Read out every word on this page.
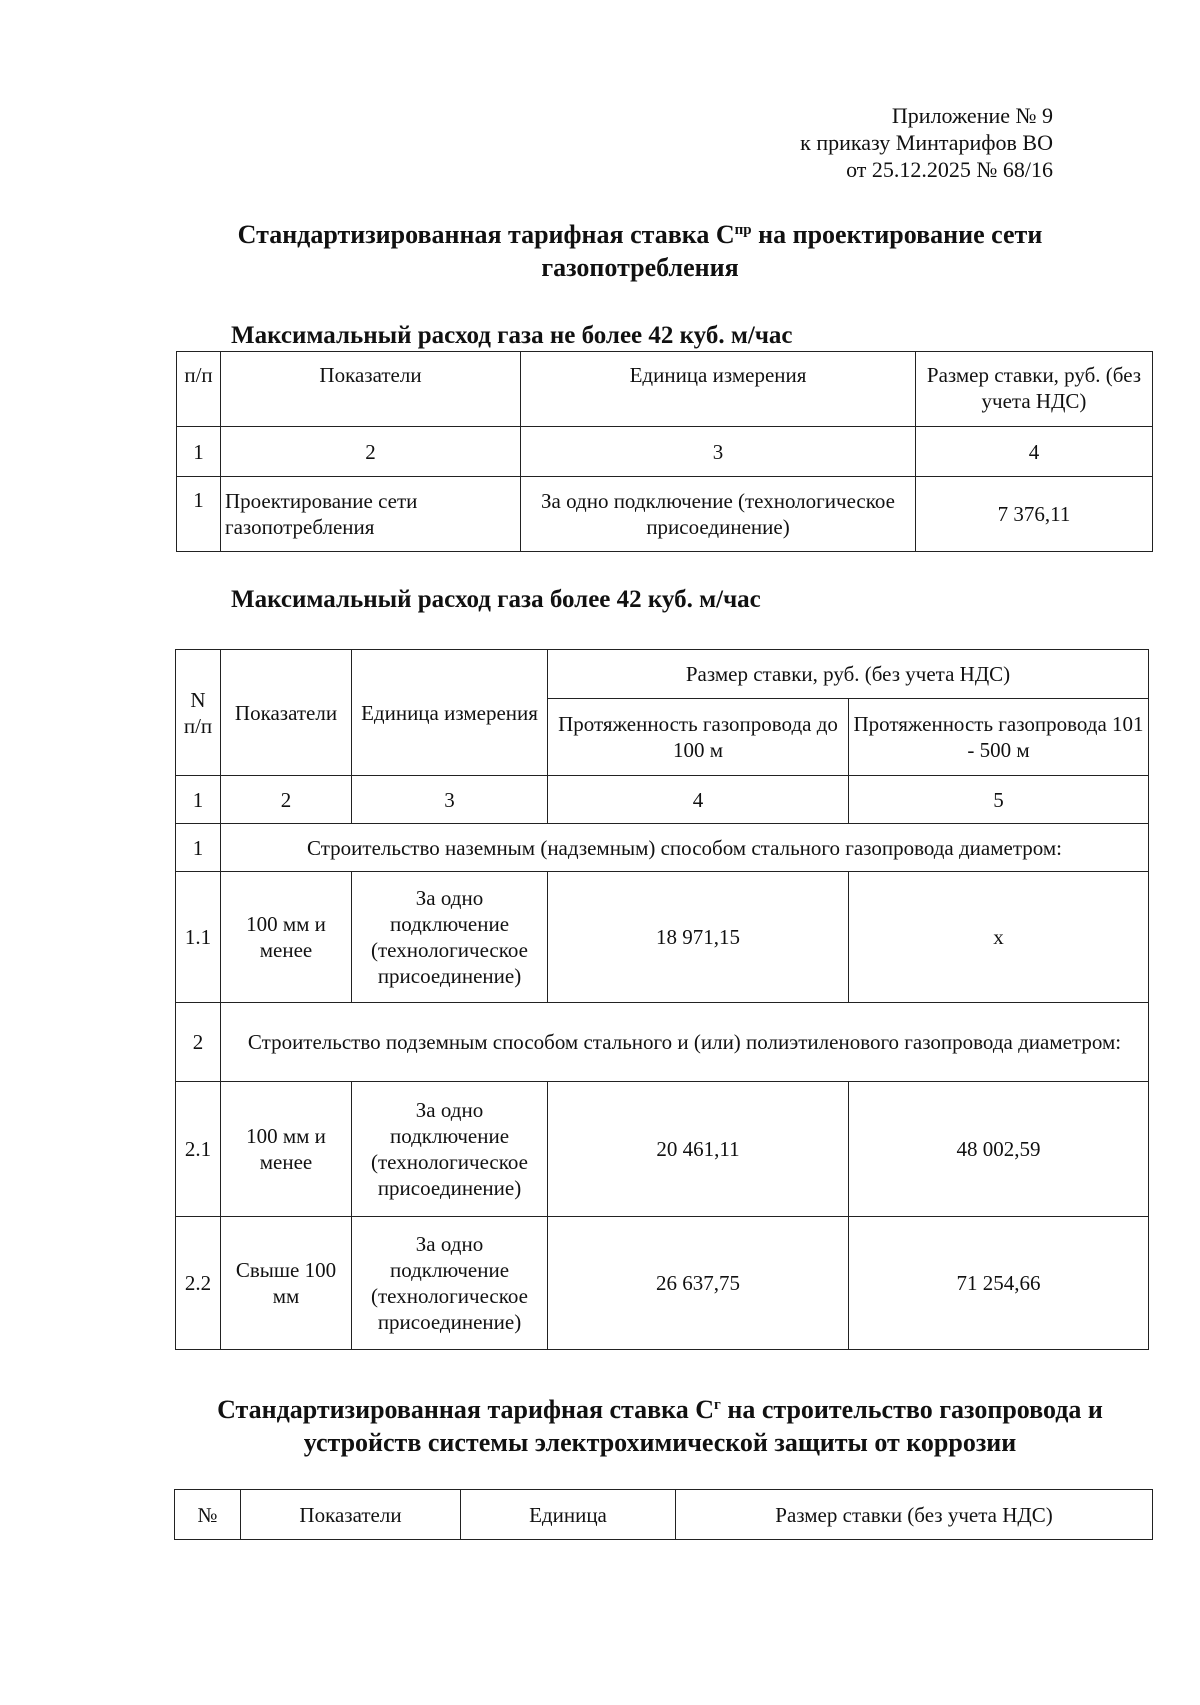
Приложение № 9
к приказу Минтарифов ВО
от 25.12.2025 № 68/16
Стандартизированная тарифная ставка $С^{пр}$ на проектирование сети
газопотребления
Максимальный расход газа не более 42 куб. м/час
п/п	Показатели	Единица измерения	Размер ставки, руб. (без учета НДС)
1	2	3	4
1	Проектирование сети газопотребления	За одно подключение (технологическое присоединение)	7 376,11
Максимальный расход газа более 42 куб. м/час
N п/п	Показатели	Единица измерения	Размер ставки, руб. (без учета НДС)	
			Протяженность газопровода до 100 м	Протяженность газопровода 101 - 500 м
1	2	3	4	5
1	Строительство наземным (надземным) способом стального газопровода диаметром:			
1.1	100 мм и менее	За одно подключение (технологическое присоединение)	18 971,15	х
2	Строительство подземным способом стального и (или) полиэтиленового газопровода диаметром:			
2.1	100 мм и менее	За одно подключение (технологическое присоединение)	20 461,11	48 002,59
2.2	Свыше 100 мм	За одно подключение (технологическое присоединение)	26 637,75	71 254,66
Стандартизированная тарифная ставка $С^г$ на строительство газопровода и
устройств системы электрохимической защиты от коррозии
№	Показатели	Единица	Размер ставки (без учета НДС)
